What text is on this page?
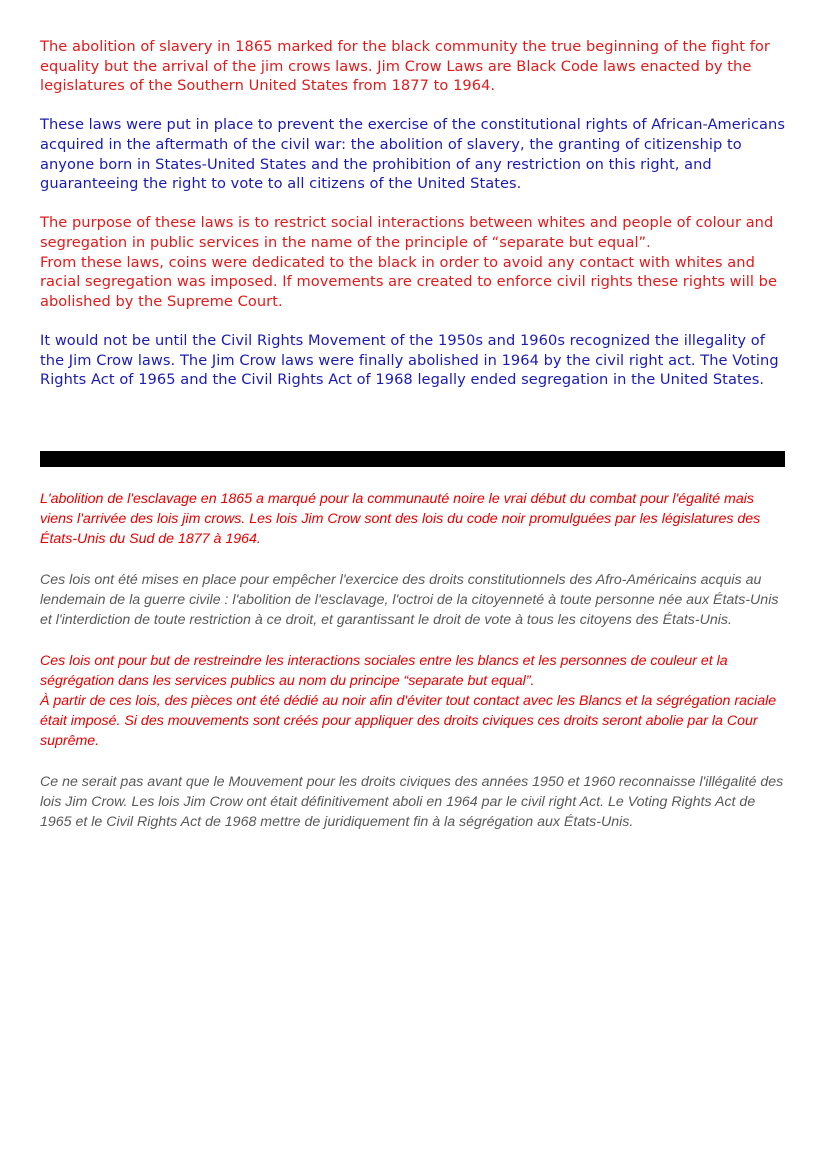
The abolition of slavery in 1865 marked for the black community the true beginning of the fight for equality but the arrival of the jim crows laws. Jim Crow Laws are Black Code laws enacted by the legislatures of the Southern United States from 1877 to 1964.

These laws were put in place to prevent the exercise of the constitutional rights of African-Americans acquired in the aftermath of the civil war: the abolition of slavery, the granting of citizenship to anyone born in States-United States and the prohibition of any restriction on this right, and guaranteeing the right to vote to all citizens of the United States.

The purpose of these laws is to restrict social interactions between whites and people of colour and segregation in public services in the name of the principle of “separate but equal”.
From these laws, coins were dedicated to the black in order to avoid any contact with whites and racial segregation was imposed. If movements are created to enforce civil rights these rights will be abolished by the Supreme Court.

It would not be until the Civil Rights Movement of the 1950s and 1960s recognized the illegality of the Jim Crow laws. The Jim Crow laws were finally abolished in 1964 by the civil right act. The Voting Rights Act of 1965 and the Civil Rights Act of 1968 legally ended segregation in the United States.

L'abolition de l'esclavage en 1865 a marqué pour la communauté noire le vrai début du combat pour l'égalité mais viens l'arrivée des lois jim crows. Les lois Jim Crow sont des lois du code noir promulguées par les législatures des États-Unis du Sud de 1877 à 1964.

Ces lois ont été mises en place pour empêcher l'exercice des droits constitutionnels des Afro-Américains acquis au lendemain de la guerre civile : l'abolition de l'esclavage, l'octroi de la citoyenneté à toute personne née aux États-Unis et l'interdiction de toute restriction à ce droit, et garantissant le droit de vote à tous les citoyens des États-Unis.

Ces lois ont pour but de restreindre les interactions sociales entre les blancs et les personnes de couleur et la ségrégation dans les services publics au nom du principe “separate but equal”.
À partir de ces lois, des pièces ont été dédié au noir afin d'éviter tout contact avec les Blancs et la ségrégation raciale était imposé. Si des mouvements sont créés pour appliquer des droits civiques ces droits seront abolie par la Cour suprême.

Ce ne serait pas avant que le Mouvement pour les droits civiques des années 1950 et 1960 reconnaisse l'illégalité des lois Jim Crow. Les lois Jim Crow ont était définitivement aboli en 1964 par le civil right Act. Le Voting Rights Act de 1965 et le Civil Rights Act de 1968 mettre de juridiquement fin à la ségrégation aux États-Unis.
